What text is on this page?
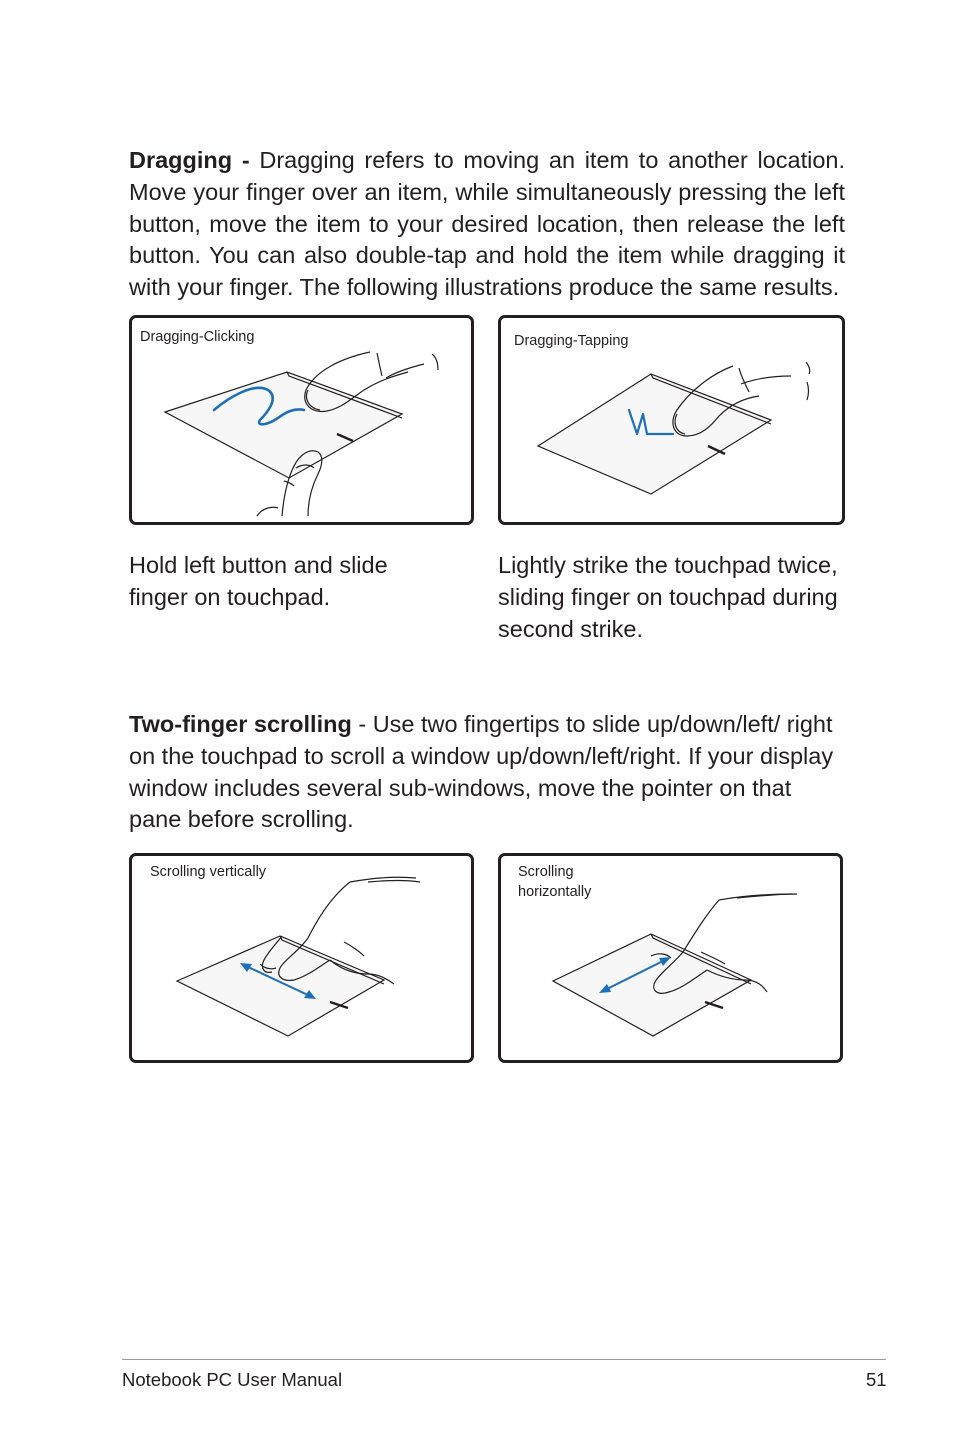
Dragging - Dragging refers to moving an item to another location. Move your finger over an item, while simultaneously pressing the left button, move the item to your desired location, then release the left button. You can also double-tap and hold the item while dragging it with your finger. The following illustrations produce the same results.

Dragging-Clicking	Dragging-Tapping

Hold left button and slide finger on touchpad.

Lightly strike the touchpad twice, sliding finger on touchpad during second strike.

Two-finger scrolling - Use two fingertips to slide up/down/left/ right on the touchpad to scroll a window up/down/left/right. If your display window includes several sub-windows, move the pointer on that pane before scrolling.

Scrolling vertically	Scrolling horizontally
Notebook PC User Manual	51
